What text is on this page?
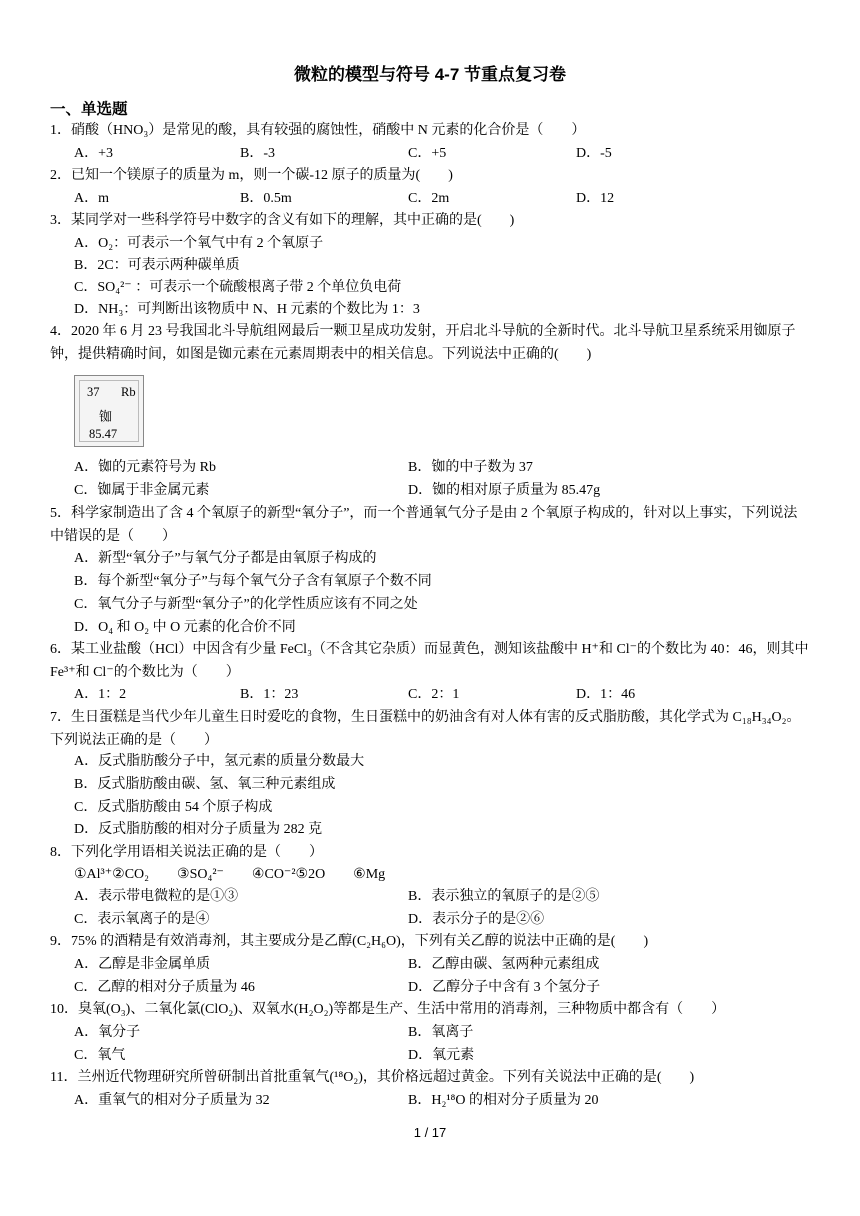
微粒的模型与符号 4-7 节重点复习卷
一、单选题
1．硝酸（HNO₃）是常见的酸，具有较强的腐蚀性，硝酸中 N 元素的化合价是（　　）
A．+3	B．-3	C．+5	D．-5
2．已知一个镁原子的质量为 m，则一个碳-12 原子的质量为(　　)
A．m	B．0.5m	C．2m	D．12
3．某同学对一些科学符号中数字的含义有如下的理解，其中正确的是(　　)
A．O₂：可表示一个氧气中有 2 个氧原子
B．2C：可表示两种碳单质
C．SO₄²⁻ ：可表示一个硫酸根离子带 2 个单位负电荷
D．NH₃：可判断出该物质中 N、H 元素的个数比为 1：3
4．2020 年 6 月 23 号我国北斗导航组网最后一颗卫星成功发射，开启北斗导航的全新时代。北斗导航卫星系统采用铷原子钟，提供精确时间，如图是铷元素在元素周期表中的相关信息。下列说法中正确的(　　)
37 Rb
铷
85.47
A．铷的元素符号为 Rb	B．铷的中子数为 37
C．铷属于非金属元素	D．铷的相对原子质量为 85.47g
5．科学家制造出了含 4 个氧原子的新型“氧分子”，而一个普通氧气分子是由 2 个氧原子构成的，针对以上事实，下列说法中错误的是（　　）
A．新型“氧分子”与氧气分子都是由氧原子构成的
B．每个新型“氧分子”与每个氧气分子含有氧原子个数不同
C．氧气分子与新型“氧分子”的化学性质应该有不同之处
D．O₄ 和 O₂ 中 O 元素的化合价不同
6．某工业盐酸（HCl）中因含有少量 FeCl₃（不含其它杂质）而显黄色，测知该盐酸中 H⁺和 Cl⁻的个数比为 40：46，则其中 Fe³⁺和 Cl⁻的个数比为（　　）
A．1：2	B．1：23	C．2：1	D．1：46
7．生日蛋糕是当代少年儿童生日时爱吃的食物，生日蛋糕中的奶油含有对人体有害的反式脂肪酸，其化学式为 C₁₈H₃₄O₂。下列说法正确的是（　　）
A．反式脂肪酸分子中，氢元素的质量分数最大
B．反式脂肪酸由碳、氢、氧三种元素组成
C．反式脂肪酸由 54 个原子构成
D．反式脂肪酸的相对分子质量为 282 克
8．下列化学用语相关说法正确的是（　　）
①Al³⁺②CO₂　　③SO₄²⁻　　④CO⁻²⑤2O　　⑥Mg
A．表示带电微粒的是①③	B．表示独立的氧原子的是②⑤
C．表示氧离子的是④	D．表示分子的是②⑥
9．75% 的酒精是有效消毒剂，其主要成分是乙醇(C₂H₆O)，下列有关乙醇的说法中正确的是(　　)
A．乙醇是非金属单质	B．乙醇由碳、氢两种元素组成
C．乙醇的相对分子质量为 46	D．乙醇分子中含有 3 个氢分子
10．臭氧(O₃)、二氧化氯(ClO₂)、双氧水(H₂O₂)等都是生产、生活中常用的消毒剂，三种物质中都含有（　　）
A．氧分子	B．氧离子
C．氧气	D．氧元素
11．兰州近代物理研究所曾研制出首批重氧气(¹⁸O₂)，其价格远超过黄金。下列有关说法中正确的是(　　)
A．重氧气的相对分子质量为 32	B．H₂¹⁸O 的相对分子质量为 20
1 / 17
